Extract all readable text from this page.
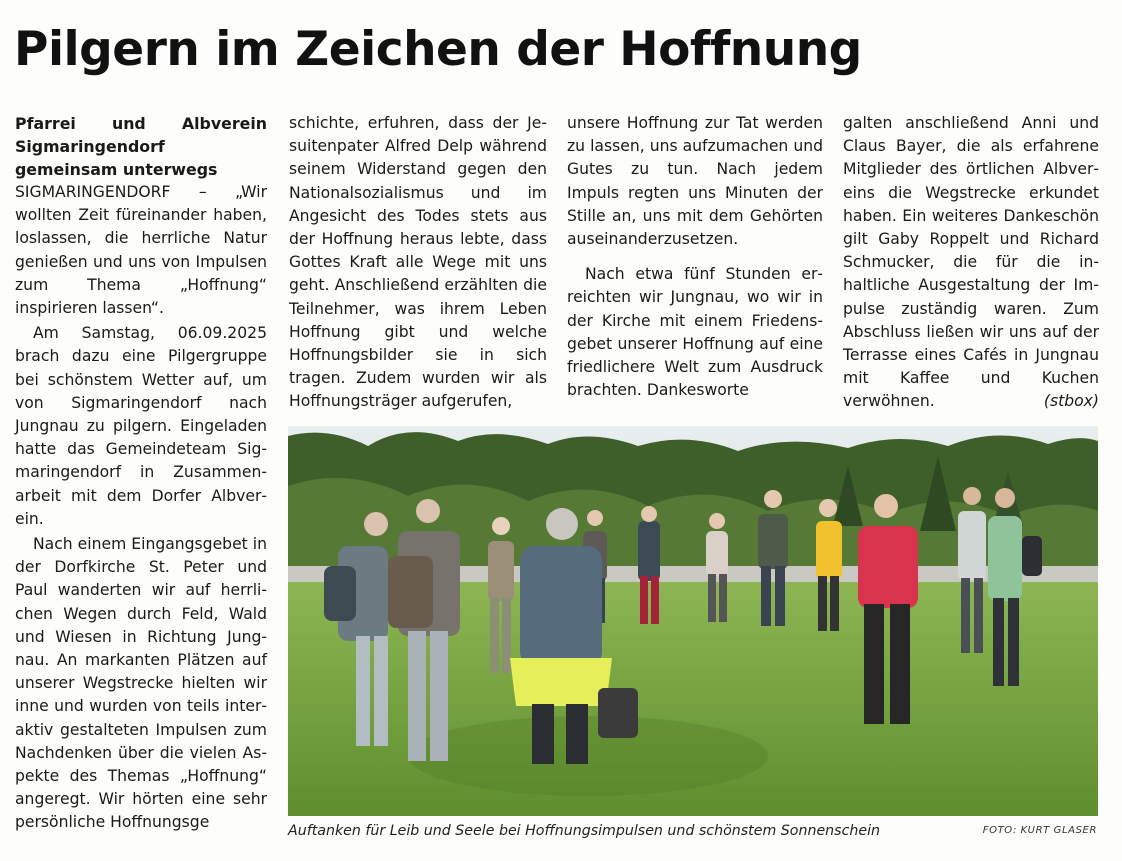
Pilgern im Zeichen der Hoffnung

Pfarrei und Albverein Sigmaringendorf gemeinsam unterwegs

SIGMARINGENDORF – „Wir wollten Zeit füreinander haben, loslassen, die herrliche Natur genießen und uns von Impulsen zum Thema „Hoffnung“ inspirieren lassen“.

Am Samstag, 06.09.2025 brach dazu eine Pilgergruppe bei schönstem Wetter auf, um von Sigmaringendorf nach Jungnau zu pilgern. Eingeladen hatte das Gemeindeteam Sigmaringendorf in Zusammenarbeit mit dem Dorfer Albverein.

Nach einem Eingangsgebet in der Dorfkirche St. Peter und Paul wanderten wir auf herrlichen Wegen durch Feld, Wald und Wiesen in Richtung Jungnau. An markanten Plätzen auf unserer Wegstrecke hielten wir inne und wurden von teils interaktiv gestalteten Impulsen zum Nachdenken über die vielen Aspekte des Themas „Hoffnung“ angeregt. Wir hörten eine sehr persönliche Hoffnungsge

schichte, erfuhren, dass der Jesuitenpater Alfred Delp während seinem Widerstand gegen den Nationalsozialismus und im Angesicht des Todes stets aus der Hoffnung heraus lebte, dass Gottes Kraft alle Wege mit uns geht. Anschließend erzählten die Teilnehmer, was ihrem Leben Hoffnung gibt und welche Hoffnungsbilder sie in sich tragen. Zudem wurden wir als Hoffnungsträger aufgerufen,

unsere Hoffnung zur Tat werden zu lassen, uns aufzumachen und Gutes zu tun. Nach jedem Impuls regten uns Minuten der Stille an, uns mit dem Gehörten auseinanderzusetzen.

Nach etwa fünf Stunden erreichten wir Jungnau, wo wir in der Kirche mit einem Friedensgebet unserer Hoffnung auf eine friedlichere Welt zum Ausdruck brachten. Dankesworte

galten anschließend Anni und Claus Bayer, die als erfahrene Mitglieder des örtlichen Albvereins die Wegstrecke erkundet haben. Ein weiteres Dankeschön gilt Gaby Roppelt und Richard Schmucker, die für die inhaltliche Ausgestaltung der Impulse zuständig waren. Zum Abschluss ließen wir uns auf der Terrasse eines Cafés in Jungnau mit Kaffee und Kuchen verwöhnen.	(stbox)

Auftanken für Leib und Seele bei Hoffnungsimpulsen und schönstem Sonnenschein	FOTO: KURT GLASER
